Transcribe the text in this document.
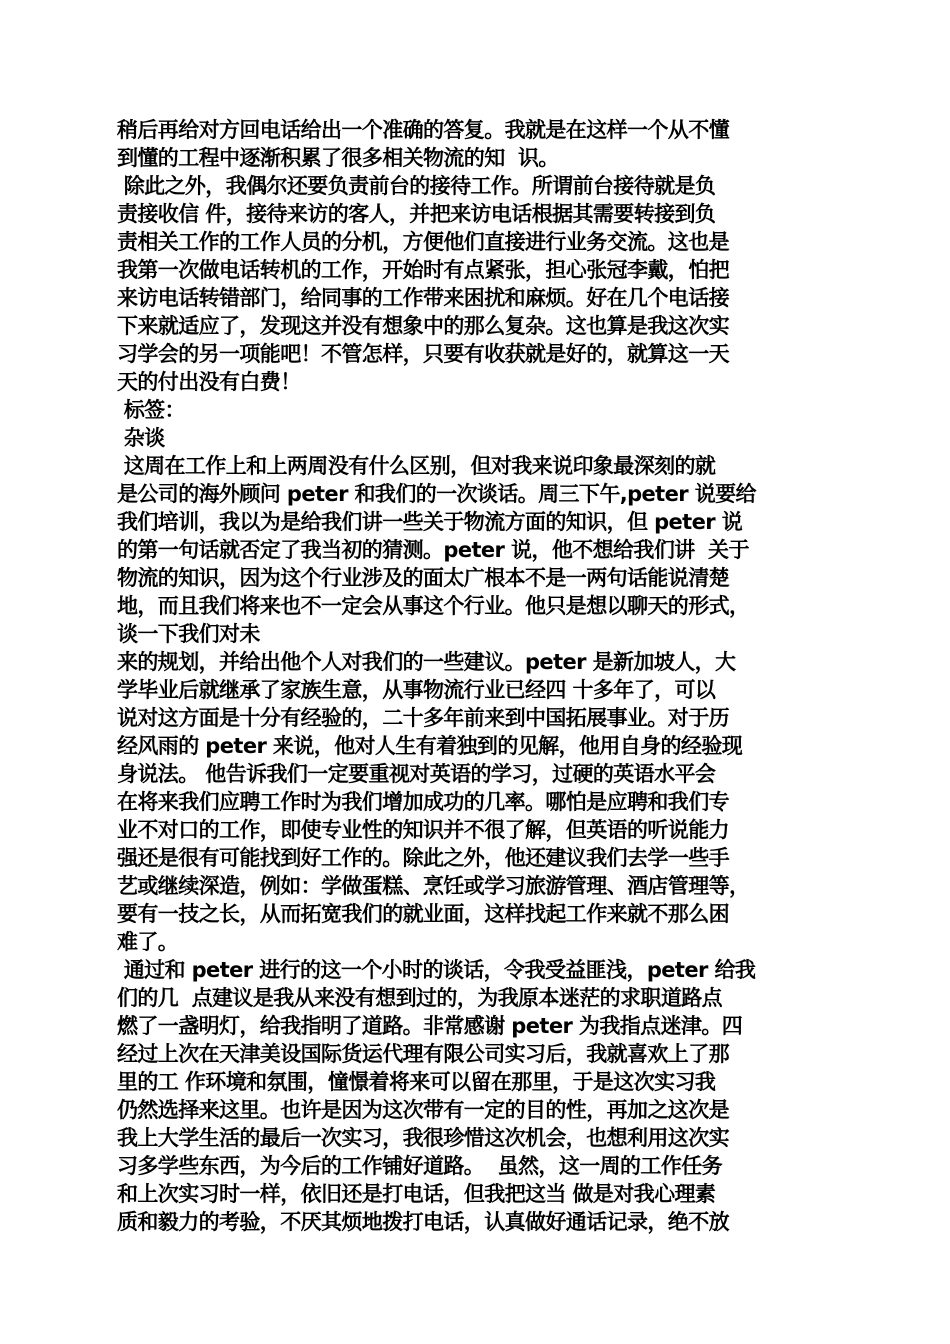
稍后再给对方回电话给出一个准确的答复。我就是在这样一个从不懂
到懂的工程中逐渐积累了很多相关物流的知  识。
除此之外，我偶尔还要负责前台的接待工作。所谓前台接待就是负
责接收信 件，接待来访的客人，并把来访电话根据其需要转接到负
责相关工作的工作人员的分机，方便他们直接进行业务交流。这也是
我第一次做电话转机的工作，开始时有点紧张，担心张冠李戴，怕把
来访电话转错部门，给同事的工作带来困扰和麻烦。好在几个电话接
下来就适应了，发现这并没有想象中的那么复杂。这也算是我这次实
习学会的另一项能吧！不管怎样，只要有收获就是好的，就算这一天
天的付出没有白费！
标签：
杂谈
这周在工作上和上两周没有什么区别，但对我来说印象最深刻的就
是公司的海外顾问 peter 和我们的一次谈话。周三下午,peter 说要给
我们培训，我以为是给我们讲一些关于物流方面的知识，但 peter 说
的第一句话就否定了我当初的猜测。peter 说，他不想给我们讲  关于
物流的知识，因为这个行业涉及的面太广根本不是一两句话能说清楚
地，而且我们将来也不一定会从事这个行业。他只是想以聊天的形式，
谈一下我们对未
来的规划，并给出他个人对我们的一些建议。peter 是新加坡人，大
学毕业后就继承了家族生意，从事物流行业已经四 十多年了，可以
说对这方面是十分有经验的，二十多年前来到中国拓展事业。对于历
经风雨的 peter 来说，他对人生有着独到的见解，他用自身的经验现
身说法。 他告诉我们一定要重视对英语的学习，过硬的英语水平会
在将来我们应聘工作时为我们增加成功的几率。哪怕是应聘和我们专
业不对口的工作，即使专业性的知识并不很了解，但英语的听说能力
强还是很有可能找到好工作的。除此之外，他还建议我们去学一些手
艺或继续深造，例如：学做蛋糕、烹饪或学习旅游管理、酒店管理等，
要有一技之长，从而拓宽我们的就业面，这样找起工作来就不那么困
难了。
通过和 peter 进行的这一个小时的谈话，令我受益匪浅，peter 给我
们的几  点建议是我从来没有想到过的，为我原本迷茫的求职道路点
燃了一盏明灯，给我指明了道路。非常感谢 peter 为我指点迷津。四
经过上次在天津美设国际货运代理有限公司实习后，我就喜欢上了那
里的工 作环境和氛围，憧憬着将来可以留在那里，于是这次实习我
仍然选择来这里。也许是因为这次带有一定的目的性，再加之这次是
我上大学生活的最后一次实习，我很珍惜这次机会，也想利用这次实
习多学些东西，为今后的工作铺好道路。  虽然，这一周的工作任务
和上次实习时一样，依旧还是打电话，但我把这当 做是对我心理素
质和毅力的考验，不厌其烦地拨打电话，认真做好通话记录，绝不放
